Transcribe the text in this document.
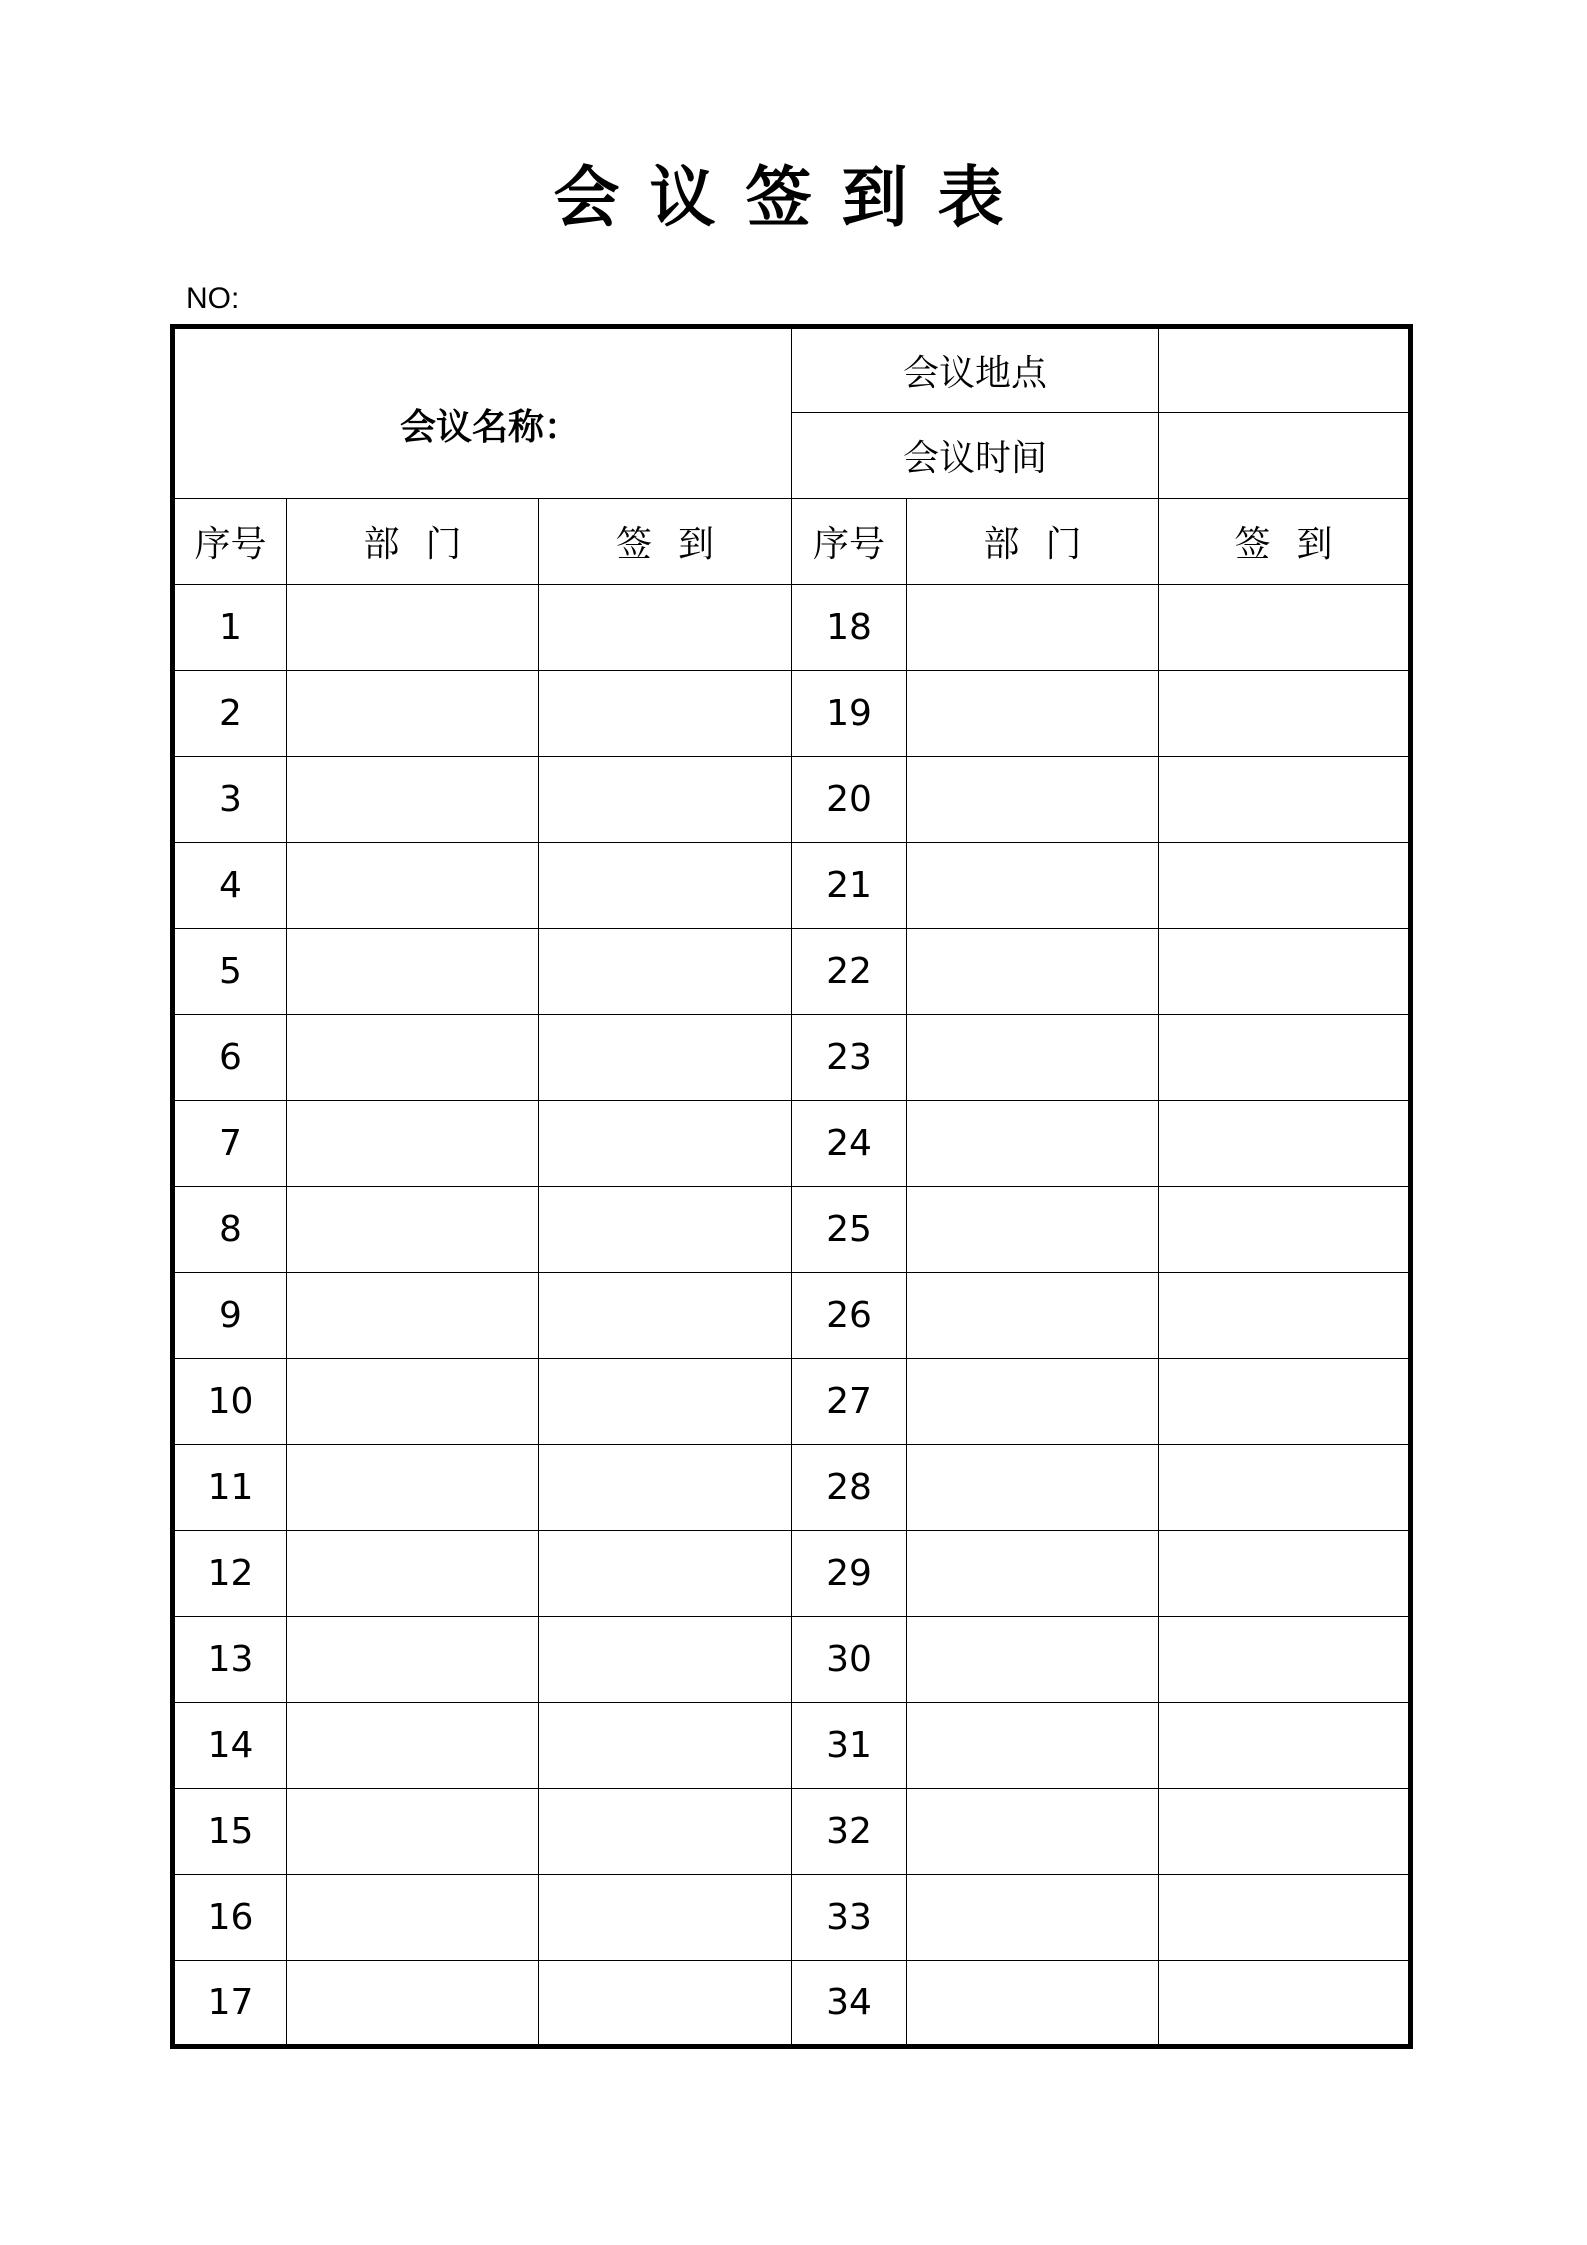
会议签到表
NO:
会议名称：			会议地点		
			会议时间		
序号	部门	签到	序号	部门	签到
1			18		
2			19		
3			20		
4			21		
5			22		
6			23		
7			24		
8			25		
9			26		
10			27		
11			28		
12			29		
13			30		
14			31		
15			32		
16			33		
17			34		
